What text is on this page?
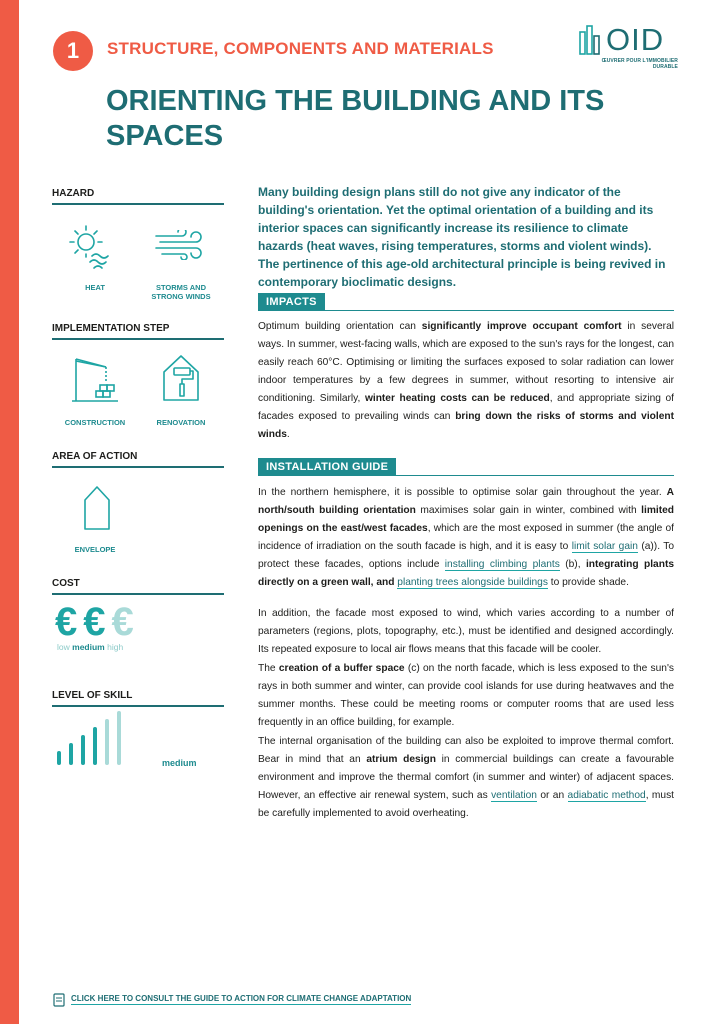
1	STRUCTURE, COMPONENTS AND MATERIALS	OID
ŒUVRER POUR L'IMMOBILIER DURABLE
ORIENTING THE BUILDING AND ITS SPACES
HAZARD
HEAT	STORMS AND STRONG WINDS
IMPLEMENTATION STEP
CONSTRUCTION	RENOVATION
AREA OF ACTION
ENVELOPE
COST
€ € €
low medium high
LEVEL OF SKILL
medium

Many building design plans still do not give any indicator of the building's orientation. Yet the optimal orientation of a building and its interior spaces can significantly increase its resilience to climate hazards (heat waves, rising temperatures, storms and violent winds). The pertinence of this age-old architectural principle is being revived in contemporary bioclimatic designs.

IMPACTS

Optimum building orientation can significantly improve occupant comfort in several ways. In summer, west-facing walls, which are exposed to the sun's rays for the longest, can easily reach 60°C. Optimising or limiting the surfaces exposed to solar radiation can lower indoor temperatures by a few degrees in summer, without resorting to intensive air conditioning. Similarly, winter heating costs can be reduced, and appropriate sizing of facades exposed to prevailing winds can bring down the risks of storms and violent winds.

INSTALLATION GUIDE

In the northern hemisphere, it is possible to optimise solar gain throughout the year. A north/south building orientation maximises solar gain in winter, combined with limited openings on the east/west facades, which are the most exposed in summer (the angle of incidence of irradiation on the south facade is high, and it is easy to limit solar gain (a)). To protect these facades, options include installing climbing plants (b), integrating plants directly on a green wall, and planting trees alongside buildings to provide shade.

In addition, the facade most exposed to wind, which varies according to a number of parameters (regions, plots, topography, etc.), must be identified and designed accordingly. Its repeated exposure to local air flows means that this facade will be cooler.

The creation of a buffer space (c) on the north facade, which is less exposed to the sun's rays in both summer and winter, can provide cool islands for use during heatwaves and the summer months. These could be meeting rooms or computer rooms that are used less frequently in an office building, for example.

The internal organisation of the building can also be exploited to improve thermal comfort. Bear in mind that an atrium design in commercial buildings can create a favourable environment and improve the thermal comfort (in summer and winter) of adjacent spaces. However, an effective air renewal system, such as ventilation or an adiabatic method, must be carefully implemented to avoid overheating.

CLICK HERE TO CONSULT THE GUIDE TO ACTION FOR CLIMATE CHANGE ADAPTATION
